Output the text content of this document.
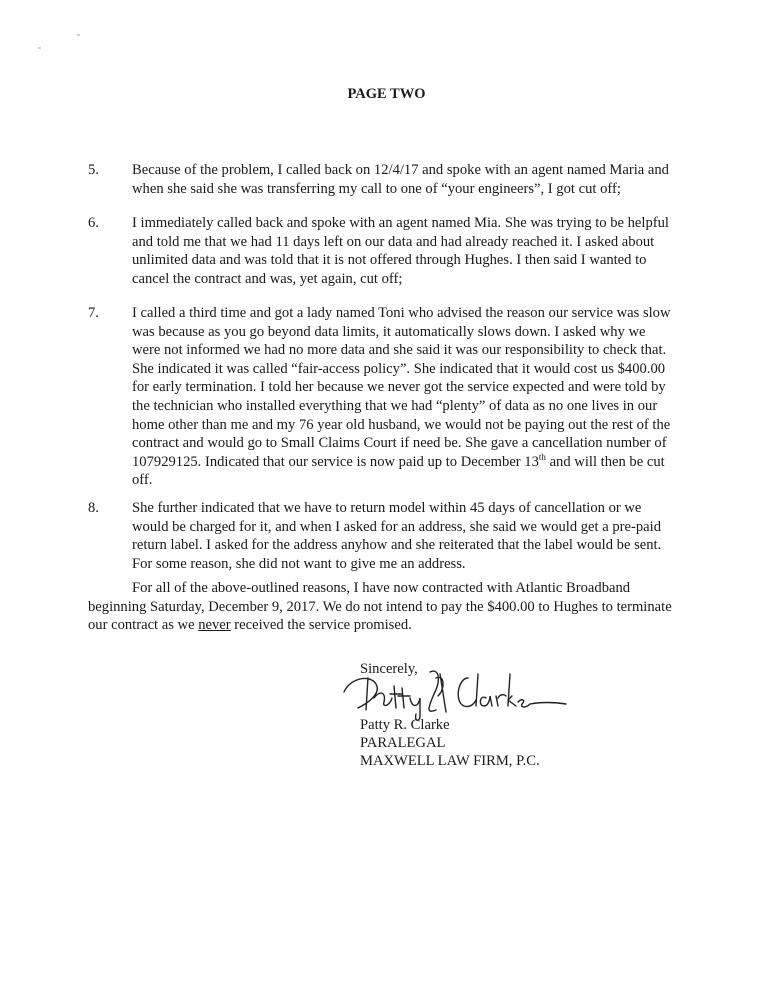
PAGE TWO
5. Because of the problem, I called back on 12/4/17 and spoke with an agent named Maria and
when she said she was transferring my call to one of “your engineers”, I got cut off;
6. I immediately called back and spoke with an agent named Mia. She was trying to be helpful
and told me that we had 11 days left on our data and had already reached it. I asked about
unlimited data and was told that it is not offered through Hughes. I then said I wanted to
cancel the contract and was, yet again, cut off;
7. I called a third time and got a lady named Toni who advised the reason our service was slow
was because as you go beyond data limits, it automatically slows down. I asked why we
were not informed we had no more data and she said it was our responsibility to check that.
She indicated it was called “fair-access policy”. She indicated that it would cost us $400.00
for early termination. I told her because we never got the service expected and were told by
the technician who installed everything that we had “plenty” of data as no one lives in our
home other than me and my 76 year old husband, we would not be paying out the rest of the
contract and would go to Small Claims Court if need be. She gave a cancellation number of
107929125. Indicated that our service is now paid up to December 13th and will then be cut
off.
8. She further indicated that we have to return model within 45 days of cancellation or we
would be charged for it, and when I asked for an address, she said we would get a pre-paid
return label. I asked for the address anyhow and she reiterated that the label would be sent.
For some reason, she did not want to give me an address.
For all of the above-outlined reasons, I have now contracted with Atlantic Broadband
beginning Saturday, December 9, 2017. We do not intend to pay the $400.00 to Hughes to terminate
our contract as we never received the service promised.
Sincerely,
Patty R. Clarke
PARALEGAL
MAXWELL LAW FIRM, P.C.
